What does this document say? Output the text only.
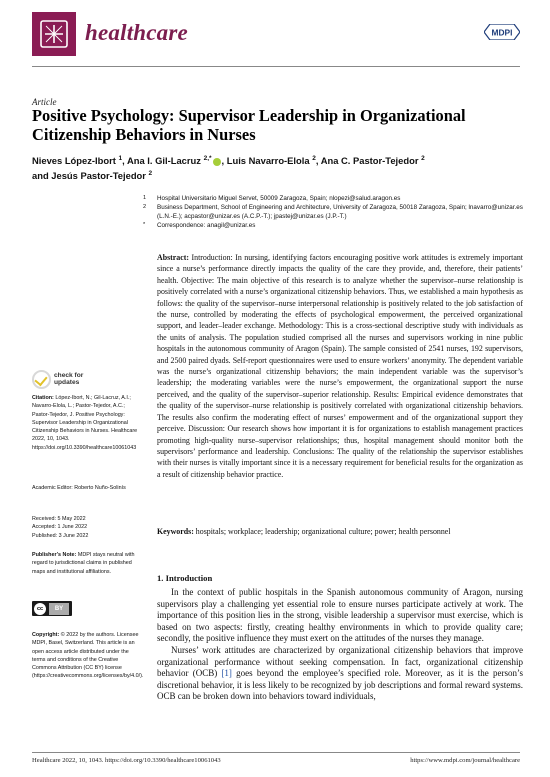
healthcare	MDPI
Article
Positive Psychology: Supervisor Leadership in Organizational Citizenship Behaviors in Nurses
Nieves López-Ibort $^1$, Ana I. Gil-Lacruz $^{2,*}$ , Luis Navarro-Elola $^2$, Ana C. Pastor-Tejedor $^2$
and Jesús Pastor-Tejedor $^2$
1 Hospital Universitario Miguel Servet, 50009 Zaragoza, Spain; nlopezi@salud.aragon.es
2 Business Department, School of Engineering and Architecture, University of Zaragoza, 50018 Zaragoza, Spain; lnavarro@unizar.es (L.N.-E.); acpastor@unizar.es (A.C.P.-T.); jpastej@unizar.es (J.P.-T.)
* Correspondence: anagil@unizar.es
check for
updates
Citation: López-Ibort, N.; Gil-Lacruz, A.I.; Navarro-Elola, L.; Pastor-Tejedor, A.C.; Pastor-Tejedor, J. Positive Psychology: Supervisor Leadership in Organizational Citizenship Behaviors in Nurses. Healthcare 2022, 10, 1043. https://doi.org/10.3390/healthcare10061043
Academic Editor: Roberto Nuño-Solinís
Received: 5 May 2022
Accepted: 1 June 2022
Published: 3 June 2022
Publisher’s Note: MDPI stays neutral with regard to jurisdictional claims in published maps and institutional affiliations.
cc	BY
Copyright: © 2022 by the authors. Licensee MDPI, Basel, Switzerland. This article is an open access article distributed under the terms and conditions of the Creative Commons Attribution (CC BY) license (https://creativecommons.org/licenses/by/4.0/).
Abstract: Introduction: In nursing, identifying factors encouraging positive work attitudes is extremely important since a nurse’s performance directly impacts the quality of the care they provide, and, therefore, their patients’ health. Objective: The main objective of this research is to analyze whether the supervisor–nurse relationship is positively correlated with a nurse’s organizational citizenship behaviors. Thus, we established a main hypothesis as follows: the quality of the supervisor–nurse interpersonal relationship is positively related to the job satisfaction of the nurse, controlled by moderating the effects of psychological empowerment, the perceived organizational support, and leader–leader exchange. Methodology: This is a cross-sectional descriptive study with individuals as the units of analysis. The population studied comprised all the nurses and supervisors working in nine public hospitals in the autonomous community of Aragon (Spain). The sample consisted of 2541 nurses, 192 supervisors, and 2500 paired dyads. Self-report questionnaires were used to ensure workers’ anonymity. The dependent variable was the nurse’s organizational citizenship behaviors; the main independent variable was the supervisor’s leadership; the moderating variables were the nurse’s empowerment, the organizational support the nurse perceived, and the quality of the supervisor–superior relationship. Results: Empirical evidence demonstrates that the quality of the supervisor–nurse relationship is positively correlated with organizational citizenship behaviors. The results also confirm the moderating effect of nurses’ empowerment and of the organizational support they perceive. Discussion: Our research shows how important it is for organizations to establish management practices promoting high-quality nurse–supervisor relationships; thus, hospital management should monitor both the supervisors’ performance and leadership. Conclusions: The quality of the relationship the supervisor establishes with their nurses is vitally important since it is a necessary requirement for beneficial results for the organization as a result of citizenship behavior practice.
Keywords: hospitals; workplace; leadership; organizational culture; power; health personnel
1. Introduction

In the context of public hospitals in the Spanish autonomous community of Aragon, nursing supervisors play a challenging yet essential role to ensure nurses participate actively at work. The importance of this position lies in the strong, visible leadership a supervisor must exercise, which is based on two aspects: firstly, creating healthy environments in which to provide quality care; secondly, the positive influence they must exert on the attitudes of the nurses they manage.

Nurses’ work attitudes are characterized by organizational citizenship behaviors that improve organizational performance without seeking compensation. In fact, organizational citizenship behavior (OCB) [1] goes beyond the employee’s specified role. Moreover, as it is the person’s discretional behavior, it is less likely to be recognized by job descriptions and formal reward systems. OCB can be broken down into behaviors toward individuals,

Healthcare 2022, 10, 1043. https://doi.org/10.3390/healthcare10061043	https://www.mdpi.com/journal/healthcare
